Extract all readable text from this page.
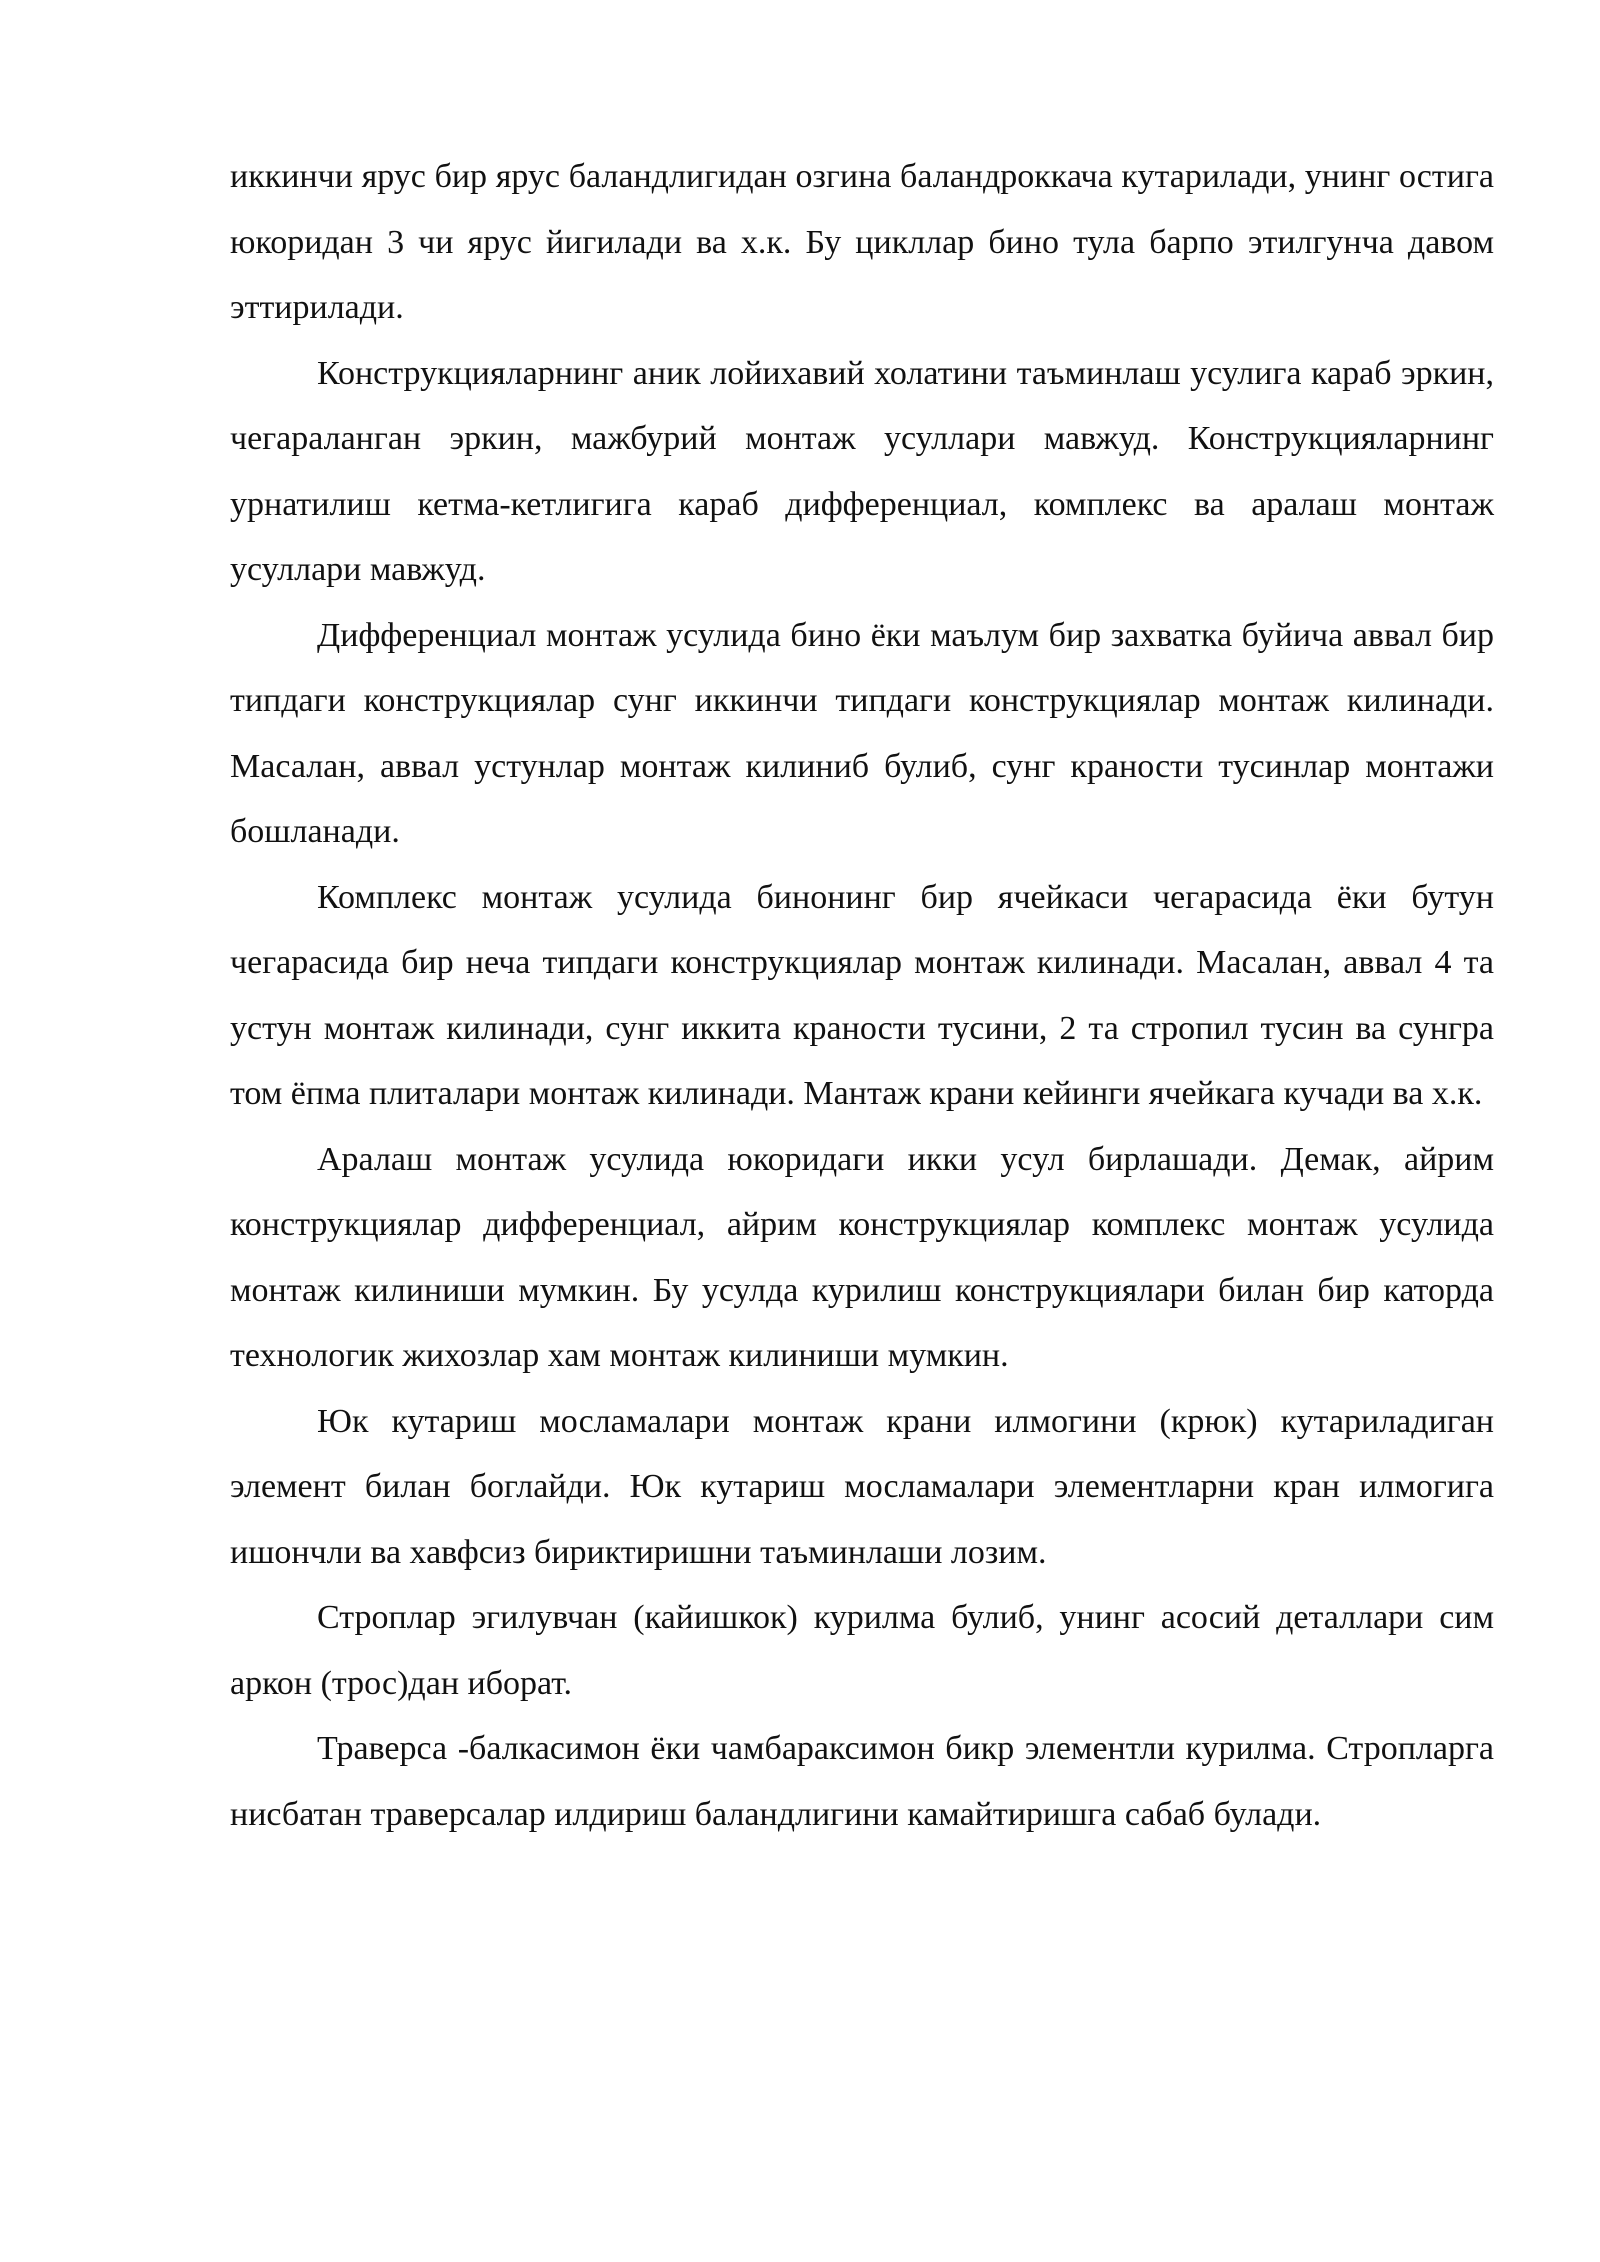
иккинчи ярус бир ярус баландлигидан озгина баландроккача кутарилади, унинг остига юкоридан 3 чи ярус йигилади ва х.к. Бу цикллар бино тула барпо этилгунча давом эттирилади.

Конструкцияларнинг аник лойихавий холатини таъминлаш усулига караб эркин, чегараланган эркин, мажбурий монтаж усуллари мавжуд. Конструкцияларнинг урнатилиш кетма-кетлигига караб дифференциал, комплекс ва аралаш монтаж усуллари мавжуд.

Дифференциал монтаж усулида бино ёки маълум бир захватка буйича аввал бир типдаги конструкциялар сунг иккинчи типдаги конструкциялар монтаж килинади. Масалан, аввал устунлар монтаж килиниб булиб, сунг краности тусинлар монтажи бошланади.

Комплекс монтаж усулида бинонинг бир ячейкаси чегарасида ёки бутун чегарасида бир неча типдаги конструкциялар монтаж килинади. Масалан, аввал 4 та устун монтаж килинади, сунг иккита краности тусини, 2 та стропил тусин ва сунгра том ёпма плиталари монтаж килинади. Мантаж крани кейинги ячейкага кучади ва х.к.

Аралаш монтаж усулида юкоридаги икки усул бирлашади. Демак, айрим конструкциялар дифференциал, айрим конструкциялар комплекс монтаж усулида монтаж килиниши мумкин. Бу усулда курилиш конструкциялари билан бир каторда технологик жихозлар хам монтаж килиниши мумкин.

Юк кутариш мосламалари монтаж крани илмогини (крюк) кутариладиган элемент билан боглайди. Юк кутариш мосламалари элементларни кран илмогига ишончли ва хавфсиз бириктиришни таъминлаши лозим.

Строплар эгилувчан (кайишкок) курилма булиб, унинг асосий деталлари сим аркон (трос)дан иборат.

Траверса -балкасимон ёки чамбараксимон бикр элементли курилма. Стропларга нисбатан траверсалар илдириш баландлигини камайтиришга сабаб булади.
